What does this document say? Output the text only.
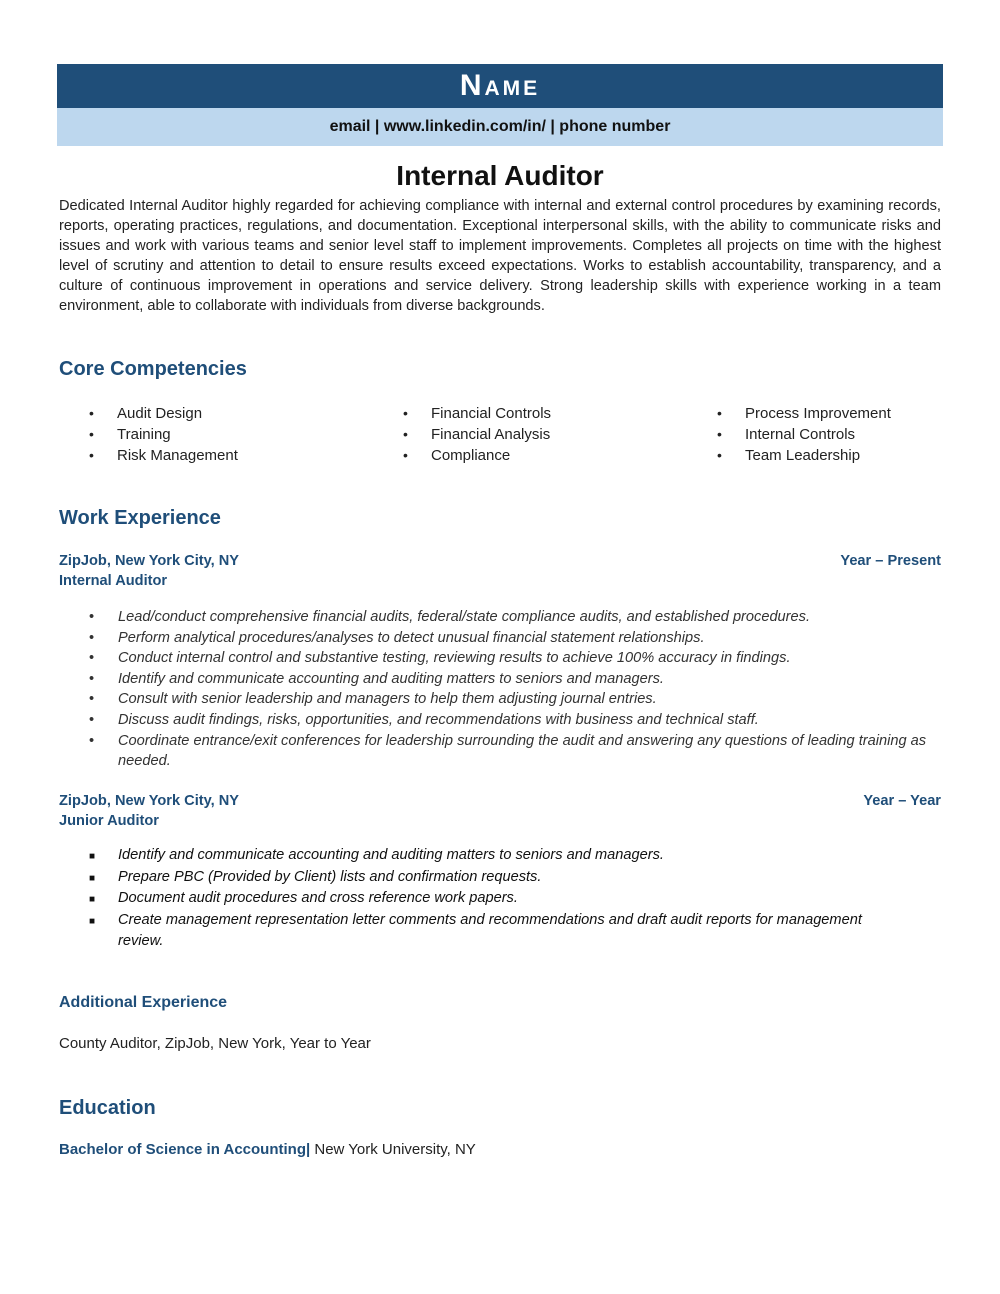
Name
email | www.linkedin.com/in/ | phone number
Internal Auditor

Dedicated Internal Auditor highly regarded for achieving compliance with internal and external control procedures by examining records, reports, operating practices, regulations, and documentation. Exceptional interpersonal skills, with the ability to communicate risks and issues and work with various teams and senior level staff to implement improvements. Completes all projects on time with the highest level of scrutiny and attention to detail to ensure results exceed expectations. Works to establish accountability, transparency, and a culture of continuous improvement in operations and service delivery. Strong leadership skills with experience working in a team environment, able to collaborate with individuals from diverse backgrounds.

Core Competencies
• Audit Design
• Training
• Risk Management
• Financial Controls
• Financial Analysis
• Compliance
• Process Improvement
• Internal Controls
• Team Leadership
Work Experience
ZipJob, New York City, NY	Year – Present
Internal Auditor
• Lead/conduct comprehensive financial audits, federal/state compliance audits, and established procedures.
• Perform analytical procedures/analyses to detect unusual financial statement relationships.
• Conduct internal control and substantive testing, reviewing results to achieve 100% accuracy in findings.
• Identify and communicate accounting and auditing matters to seniors and managers.
• Consult with senior leadership and managers to help them adjusting journal entries.
• Discuss audit findings, risks, opportunities, and recommendations with business and technical staff.
• Coordinate entrance/exit conferences for leadership surrounding the audit and answering any questions of leading training as needed.
ZipJob, New York City, NY	Year – Year
Junior Auditor
■ Identify and communicate accounting and auditing matters to seniors and managers.
■ Prepare PBC (Provided by Client) lists and confirmation requests.
■ Document audit procedures and cross reference work papers.
■ Create management representation letter comments and recommendations and draft audit reports for management review.
Additional Experience
County Auditor, ZipJob, New York, Year to Year
Education
Bachelor of Science in Accounting| New York University, NY
